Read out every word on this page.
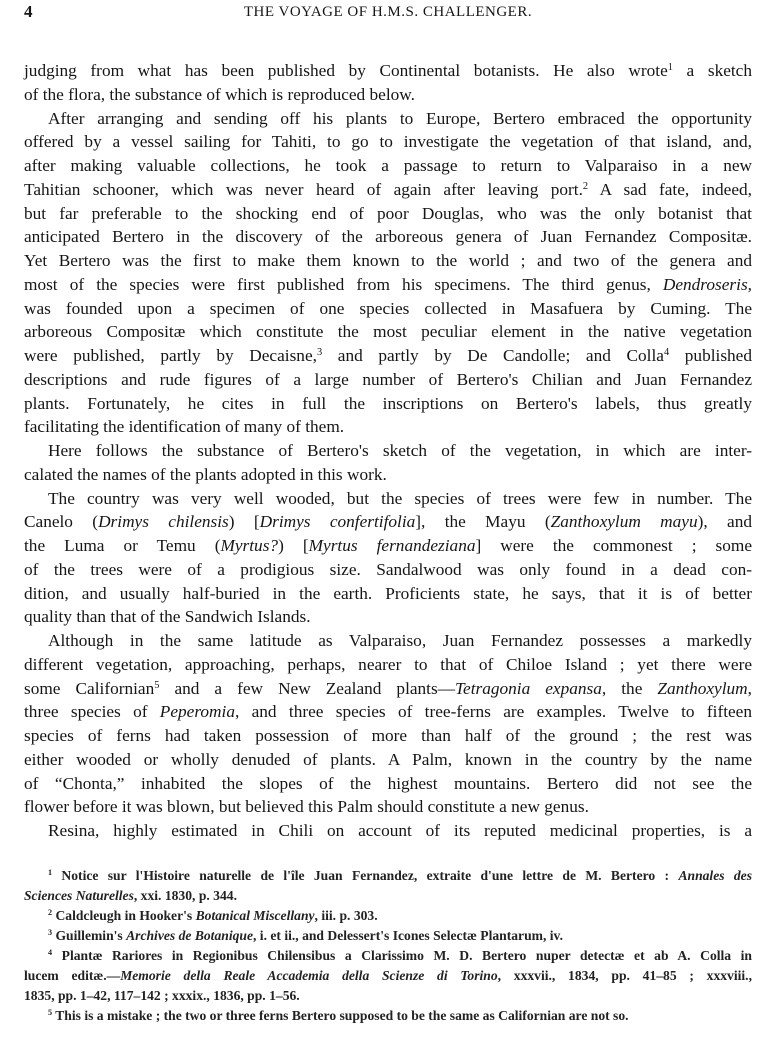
4	THE VOYAGE OF H.M.S. CHALLENGER.
judging from what has been published by Continental botanists. He also wrote$^1$ a sketch
of the flora, the substance of which is reproduced below.
After arranging and sending off his plants to Europe, Bertero embraced the opportunity
offered by a vessel sailing for Tahiti, to go to investigate the vegetation of that island, and,
after making valuable collections, he took a passage to return to Valparaiso in a new
Tahitian schooner, which was never heard of again after leaving port.$^2$ A sad fate, indeed,
but far preferable to the shocking end of poor Douglas, who was the only botanist that
anticipated Bertero in the discovery of the arboreous genera of Juan Fernandez Compositæ.
Yet Bertero was the first to make them known to the world ; and two of the genera and
most of the species were first published from his specimens. The third genus, Dendroseris,
was founded upon a specimen of one species collected in Masafuera by Cuming. The
arboreous Compositæ which constitute the most peculiar element in the native vegetation
were published, partly by Decaisne,$^3$ and partly by De Candolle; and Colla$^4$ published
descriptions and rude figures of a large number of Bertero's Chilian and Juan Fernandez
plants. Fortunately, he cites in full the inscriptions on Bertero's labels, thus greatly
facilitating the identification of many of them.
Here follows the substance of Bertero's sketch of the vegetation, in which are inter-
calated the names of the plants adopted in this work.
The country was very well wooded, but the species of trees were few in number. The
Canelo (Drimys chilensis) [Drimys confertifolia], the Mayu (Zanthoxylum mayu), and
the Luma or Temu (Myrtus?) [Myrtus fernandeziana] were the commonest ; some
of the trees were of a prodigious size. Sandalwood was only found in a dead con-
dition, and usually half-buried in the earth. Proficients state, he says, that it is of better
quality than that of the Sandwich Islands.
Although in the same latitude as Valparaiso, Juan Fernandez possesses a markedly
different vegetation, approaching, perhaps, nearer to that of Chiloe Island ; yet there were
some Californian$^5$ and a few New Zealand plants—Tetragonia expansa, the Zanthoxylum,
three species of Peperomia, and three species of tree-ferns are examples. Twelve to fifteen
species of ferns had taken possession of more than half of the ground ; the rest was
either wooded or wholly denuded of plants. A Palm, known in the country by the name
of “Chonta,” inhabited the slopes of the highest mountains. Bertero did not see the
flower before it was blown, but believed this Palm should constitute a new genus.
Resina, highly estimated in Chili on account of its reputed medicinal properties, is a
$^1$ Notice sur l'Histoire naturelle de l'île Juan Fernandez, extraite d'une lettre de M. Bertero : Annales des
Sciences Naturelles, xxi. 1830, p. 344.
$^2$ Caldcleugh in Hooker's Botanical Miscellany, iii. p. 303.
$^3$ Guillemin's Archives de Botanique, i. et ii., and Delessert's Icones Selectæ Plantarum, iv.
$^4$ Plantæ Rariores in Regionibus Chilensibus a Clarissimo M. D. Bertero nuper detectæ et ab A. Colla in
lucem editæ.—Memorie della Reale Accademia della Scienze di Torino, xxxvii., 1834, pp. 41–85 ; xxxviii.,
1835, pp. 1–42, 117–142 ; xxxix., 1836, pp. 1–56.
$^5$ This is a mistake ; the two or three ferns Bertero supposed to be the same as Californian are not so.
